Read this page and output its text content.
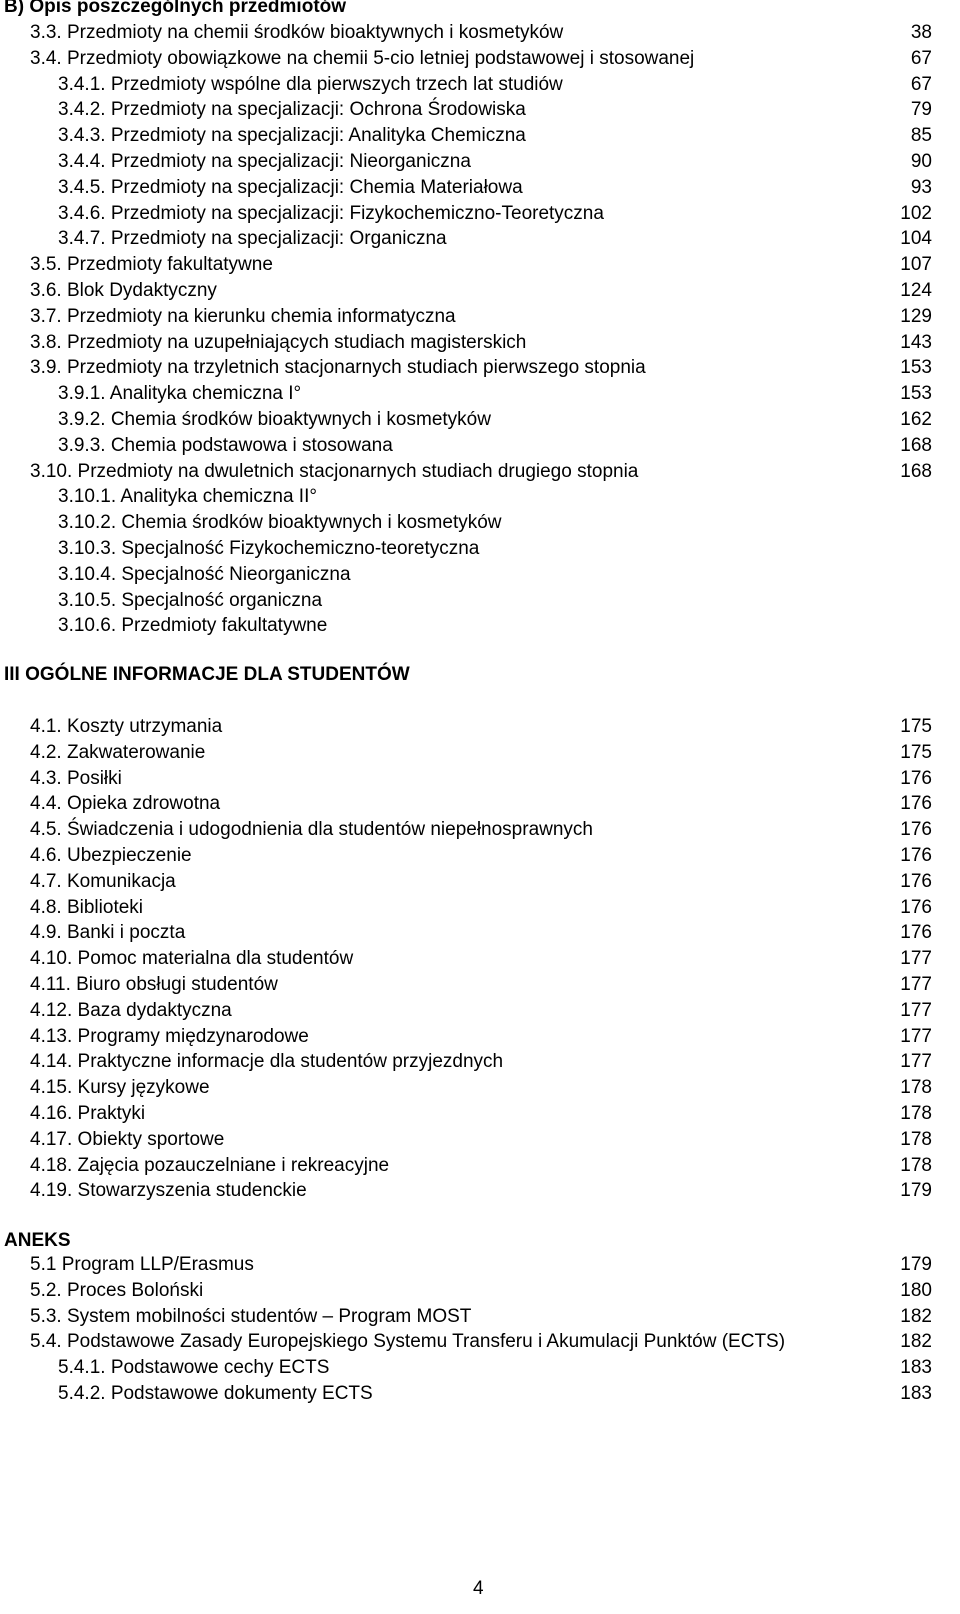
B) Opis poszczególnych przedmiotów
3.3. Przedmioty na chemii środków bioaktywnych i kosmetyków	38
3.4. Przedmioty obowiązkowe na chemii 5-cio letniej podstawowej i stosowanej	67
3.4.1. Przedmioty wspólne dla pierwszych trzech lat studiów	67
3.4.2. Przedmioty na specjalizacji: Ochrona Środowiska	79
3.4.3. Przedmioty na specjalizacji: Analityka Chemiczna	85
3.4.4. Przedmioty na specjalizacji: Nieorganiczna	90
3.4.5. Przedmioty na specjalizacji: Chemia Materiałowa	93
3.4.6. Przedmioty na specjalizacji: Fizykochemiczno-Teoretyczna	102
3.4.7. Przedmioty na specjalizacji: Organiczna	104
3.5. Przedmioty fakultatywne	107
3.6. Blok Dydaktyczny	124
3.7. Przedmioty na kierunku chemia informatyczna	129
3.8. Przedmioty na uzupełniających studiach magisterskich	143
3.9. Przedmioty na trzyletnich stacjonarnych studiach pierwszego stopnia	153
3.9.1. Analityka chemiczna I°	153
3.9.2. Chemia środków bioaktywnych i kosmetyków	162
3.9.3. Chemia podstawowa i stosowana	168
3.10. Przedmioty na dwuletnich stacjonarnych studiach drugiego stopnia	168
3.10.1. Analityka chemiczna II°
3.10.2. Chemia środków bioaktywnych i kosmetyków
3.10.3. Specjalność Fizykochemiczno-teoretyczna
3.10.4. Specjalność Nieorganiczna
3.10.5. Specjalność organiczna
3.10.6. Przedmioty fakultatywne
III OGÓLNE INFORMACJE DLA STUDENTÓW
4.1. Koszty utrzymania	175
4.2. Zakwaterowanie	175
4.3. Posiłki	176
4.4. Opieka zdrowotna	176
4.5. Świadczenia i udogodnienia dla studentów niepełnosprawnych	176
4.6. Ubezpieczenie	176
4.7. Komunikacja	176
4.8. Biblioteki	176
4.9. Banki i poczta	176
4.10. Pomoc materialna dla studentów	177
4.11. Biuro obsługi studentów	177
4.12. Baza dydaktyczna	177
4.13. Programy międzynarodowe	177
4.14. Praktyczne informacje dla studentów przyjezdnych	177
4.15. Kursy językowe	178
4.16. Praktyki	178
4.17. Obiekty sportowe	178
4.18. Zajęcia pozauczelniane i rekreacyjne	178
4.19. Stowarzyszenia studenckie	179
ANEKS
5.1 Program LLP/Erasmus	179
5.2. Proces Boloński	180
5.3. System mobilności studentów – Program MOST	182
5.4. Podstawowe Zasady Europejskiego Systemu Transferu i Akumulacji Punktów (ECTS)	182
5.4.1. Podstawowe cechy ECTS	183
5.4.2. Podstawowe dokumenty ECTS	183
4
